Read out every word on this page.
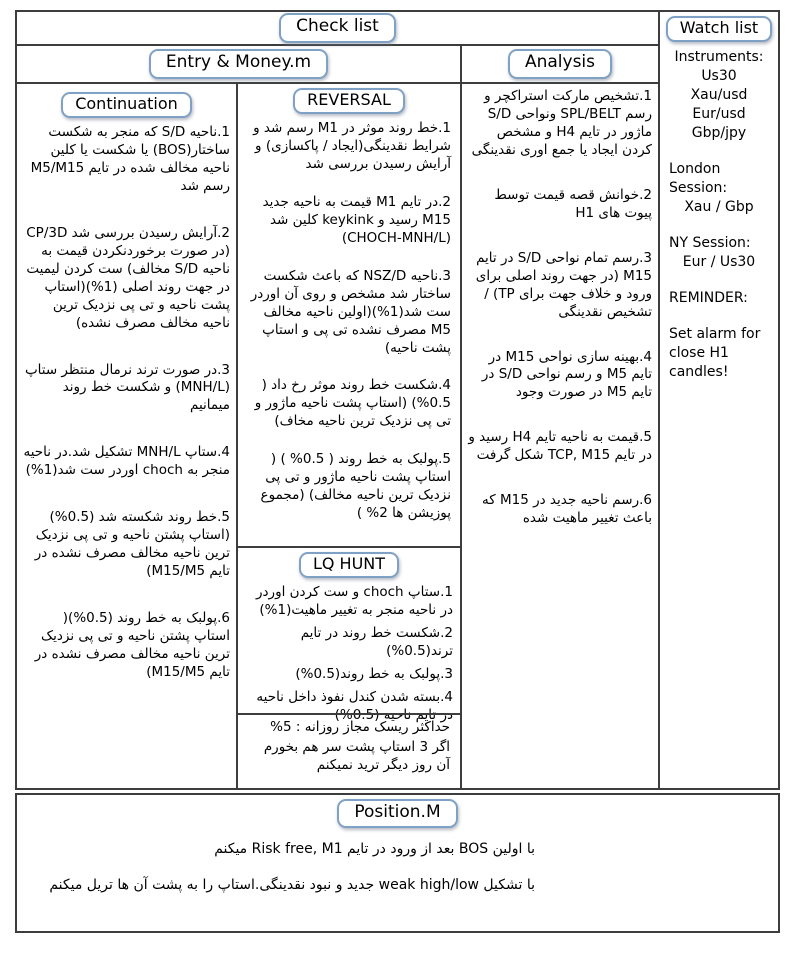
Check list
Entry & Money.m	Analysis
Continuation

1.ناحیه S/D که منجر به شکست ساختار(BOS) یا شکست یا کلین ناحیه مخالف شده در تایم M5/M15 رسم شد

2.آرایش رسیدن بررسی شد CP/3D (در صورت برخوردنکردن قیمت به ناحیه S/D مخالف) ست کردن لیمیت در جهت روند اصلی (1%)(استاپ پشت ناحیه و تی پی نزدیک ترین ناحیه مخالف مصرف نشده)

3.در صورت ترند نرمال منتظر ستاپ (MNH/L) و شکست خط روند میمانیم

4.ستاپ MNH/L تشکیل شد.در ناحیه منجر به choch اوردر ست شد(1%)

5.خط روند شکسته شد (0.5%)(استاپ پشتن ناحیه و تی پی نزدیک ترین ناحیه مخالف مصرف نشده در تایم M15/M5)

6.پولبک به خط روند (0.5%)( استاپ پشتن ناحیه و تی پی نزدیک ترین ناحیه مخالف مصرف نشده در تایم M15/M5)

REVERSAL

1.خط روند موثر در M1 رسم شد و شرایط نقدینگی(ایجاد / پاکسازی) و آرایش رسیدن بررسی شد

2.در تایم M1 قیمت به ناحیه جدید M15 رسید و keykink کلین شد (CHOCH-MNH/L)

3.ناحیه NSZ/D که باعث شکست ساختار شد مشخص و روی آن اوردر ست شد(1%)(اولین ناحیه مخالف M5 مصرف نشده تی پی و استاپ پشت ناحیه)

4.شکست خط روند موثر رخ داد ( 0.5%) (استاپ پشت ناحیه ماژور و تی پی نزدیک ترین ناحیه مخاف)

5.پولبک به خط روند ( 0.5% ) ( استاپ پشت ناحیه ماژور و تی پی نزدیک ترین ناحیه مخالف) (مجموع پوزیشن ها 2% )

LQ HUNT

1.ستاپ choch و ست کردن اوردر در ناحیه منجر به تغییر ماهیت(1%)

2.شکست خط روند در تایم ترند(0.5%)

3.پولبک به خط روند(0.5%)

4.بسته شدن کندل نفوذ داخل ناحیه در تایم ناحیه (0.5%)

حداکثر ریسک مجاز روزانه : 5%

اگر 3 استاپ پشت سر هم بخورم آن روز دیگر ترید نمیکنم

1.تشخیص مارکت استراکچر و رسم SPL/BELT ونواحی S/D ماژور در تایم H4 و مشخص کردن ایجاد یا جمع اوری نقدینگی

2.خوانش قصه قیمت توسط پیوت های H1

3.رسم تمام نواحی S/D در تایم M15 (در جهت روند اصلی برای ورود و خلاف جهت برای TP) / تشخیص نقدینگی

4.بهینه سازی نواحی M15 در تایم M5 و رسم نواحی S/D در تایم M5 در صورت وجود

5.قیمت به ناحیه تایم H4 رسید و در تایم TCP, M15 شکل گرفت

6.رسم ناحیه جدید در M15 که باعث تغییر ماهیت شده

Watch list

Instruments:

Us30

Xau/usd

Eur/usd

Gbp/jpy

London Session:

Xau / Gbp

NY Session:

Eur / Us30

REMINDER:

Set alarm for close H1 candles!

Position.M

با اولین BOS بعد از ورود در تایم Risk free, M1 میکنم

با تشکیل weak high/low جدید و نبود نقدینگی.استاپ را به پشت آن ها تریل میکنم
